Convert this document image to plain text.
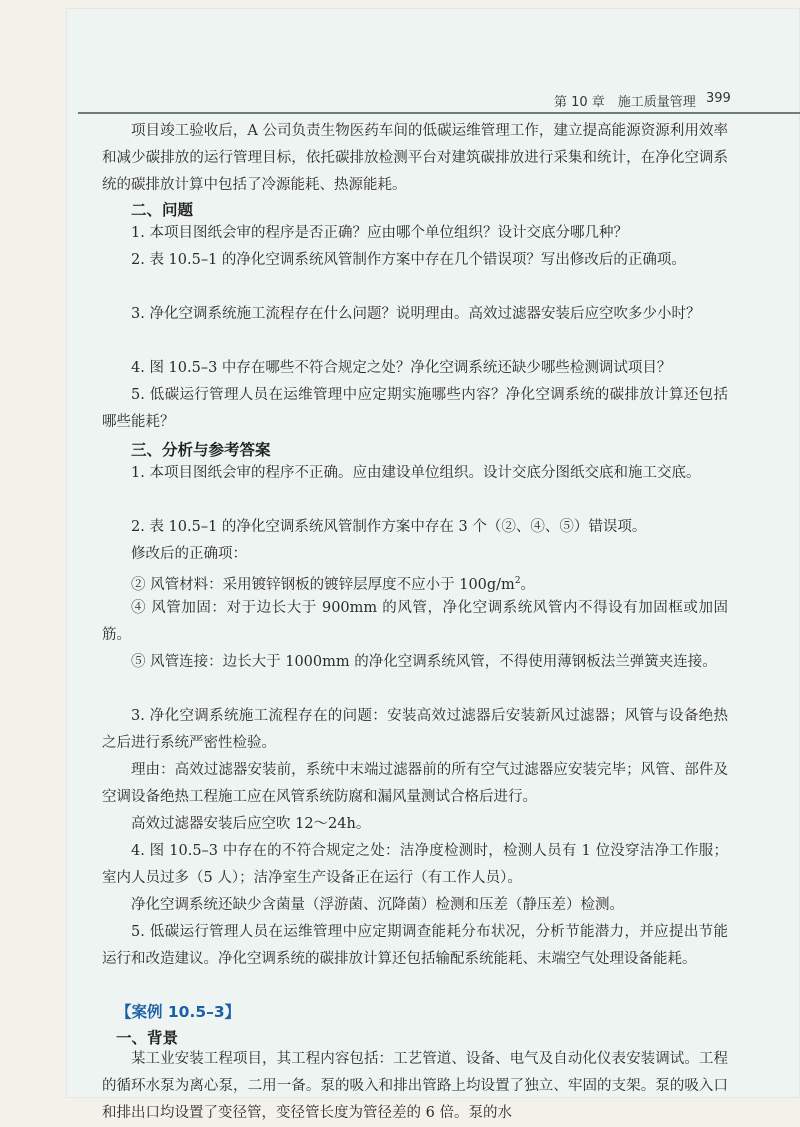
第 10 章　施工质量管理 399

项目竣工验收后，A 公司负责生物医药车间的低碳运维管理工作，建立提高能源资源利用效率和减少碳排放的运行管理目标，依托碳排放检测平台对建筑碳排放进行采集和统计，在净化空调系统的碳排放计算中包括了冷源能耗、热源能耗。

二、问题

1. 本项目图纸会审的程序是否正确？应由哪个单位组织？设计交底分哪几种？

2. 表 10.5–1 的净化空调系统风管制作方案中存在几个错误项？写出修改后的正确项。

3. 净化空调系统施工流程存在什么问题？说明理由。高效过滤器安装后应空吹多少小时？

4. 图 10.5–3 中存在哪些不符合规定之处？净化空调系统还缺少哪些检测调试项目？

5. 低碳运行管理人员在运维管理中应定期实施哪些内容？净化空调系统的碳排放计算还包括哪些能耗？

三、分析与参考答案

1. 本项目图纸会审的程序不正确。应由建设单位组织。设计交底分图纸交底和施工交底。

2. 表 10.5–1 的净化空调系统风管制作方案中存在 3 个（②、④、⑤）错误项。

修改后的正确项：

② 风管材料：采用镀锌钢板的镀锌层厚度不应小于 $100g/m^2$。

④ 风管加固：对于边长大于 900mm 的风管，净化空调系统风管内不得设有加固框或加固筋。

⑤ 风管连接：边长大于 1000mm 的净化空调系统风管，不得使用薄钢板法兰弹簧夹连接。

3. 净化空调系统施工流程存在的问题：安装高效过滤器后安装新风过滤器；风管与设备绝热之后进行系统严密性检验。

理由：高效过滤器安装前，系统中末端过滤器前的所有空气过滤器应安装完毕；风管、部件及空调设备绝热工程施工应在风管系统防腐和漏风量测试合格后进行。

高效过滤器安装后应空吹 12～24h。

4. 图 10.5–3 中存在的不符合规定之处：洁净度检测时，检测人员有 1 位没穿洁净工作服；室内人员过多（5 人）；洁净室生产设备正在运行（有工作人员）。

净化空调系统还缺少含菌量（浮游菌、沉降菌）检测和压差（静压差）检测。

5. 低碳运行管理人员在运维管理中应定期调查能耗分布状况，分析节能潜力，并应提出节能运行和改造建议。净化空调系统的碳排放计算还包括输配系统能耗、末端空气处理设备能耗。

【案例 10.5–3】
一、背景

某工业安装工程项目，其工程内容包括：工艺管道、设备、电气及自动化仪表安装调试。工程的循环水泵为离心泵，二用一备。泵的吸入和排出管路上均设置了独立、牢固的支架。泵的吸入口和排出口均设置了变径管，变径管长度为管径差的 6 倍。泵的水
